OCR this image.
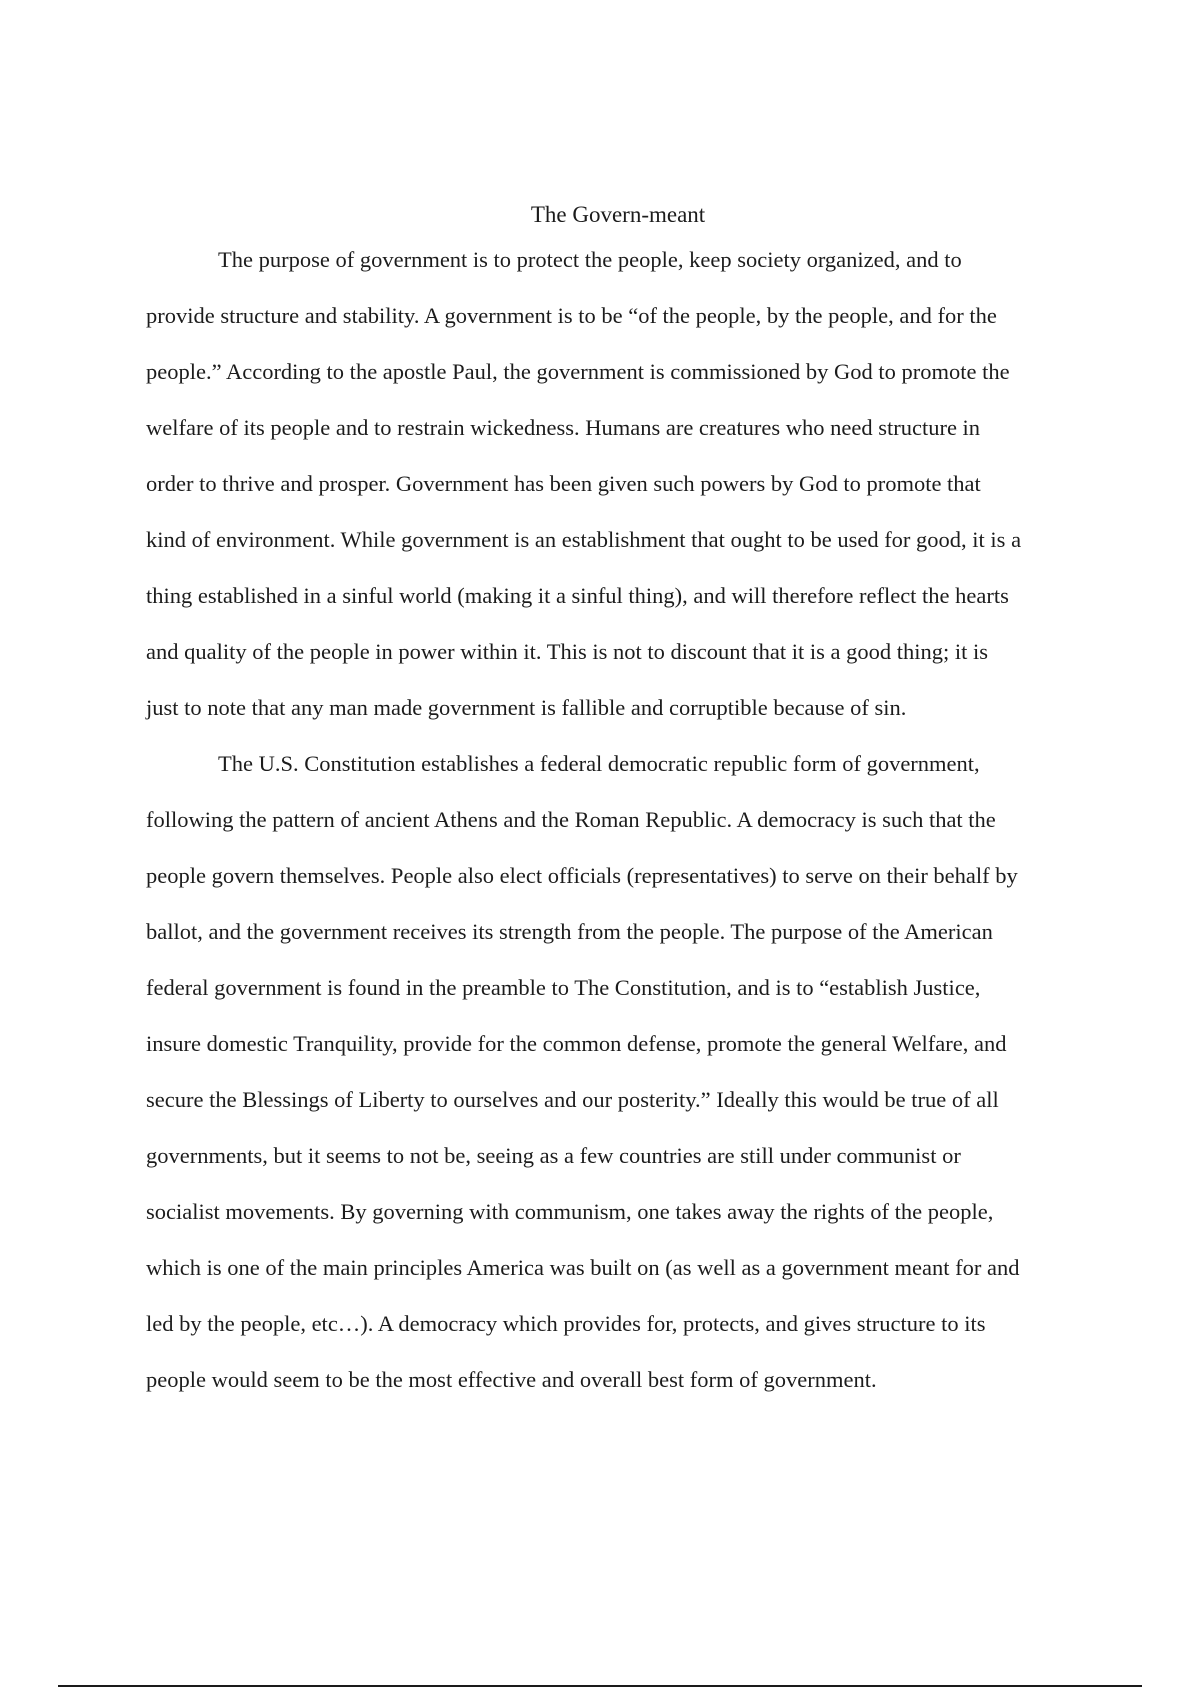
The Govern-meant

The purpose of government is to protect the people, keep society organized, and to
provide structure and stability. A government is to be “of the people, by the people, and for the
people.” According to the apostle Paul, the government is commissioned by God to promote the
welfare of its people and to restrain wickedness. Humans are creatures who need structure in
order to thrive and prosper. Government has been given such powers by God to promote that
kind of environment. While government is an establishment that ought to be used for good, it is a
thing established in a sinful world (making it a sinful thing), and will therefore reflect the hearts
and quality of the people in power within it. This is not to discount that it is a good thing; it is
just to note that any man made government is fallible and corruptible because of sin.

The U.S. Constitution establishes a federal democratic republic form of government,
following the pattern of ancient Athens and the Roman Republic. A democracy is such that the
people govern themselves. People also elect officials (representatives) to serve on their behalf by
ballot, and the government receives its strength from the people. The purpose of the American
federal government is found in the preamble to The Constitution, and is to “establish Justice,
insure domestic Tranquility, provide for the common defense, promote the general Welfare, and
secure the Blessings of Liberty to ourselves and our posterity.” Ideally this would be true of all
governments, but it seems to not be, seeing as a few countries are still under communist or
socialist movements. By governing with communism, one takes away the rights of the people,
which is one of the main principles America was built on (as well as a government meant for and
led by the people, etc…). A democracy which provides for, protects, and gives structure to its
people would seem to be the most effective and overall best form of government.
